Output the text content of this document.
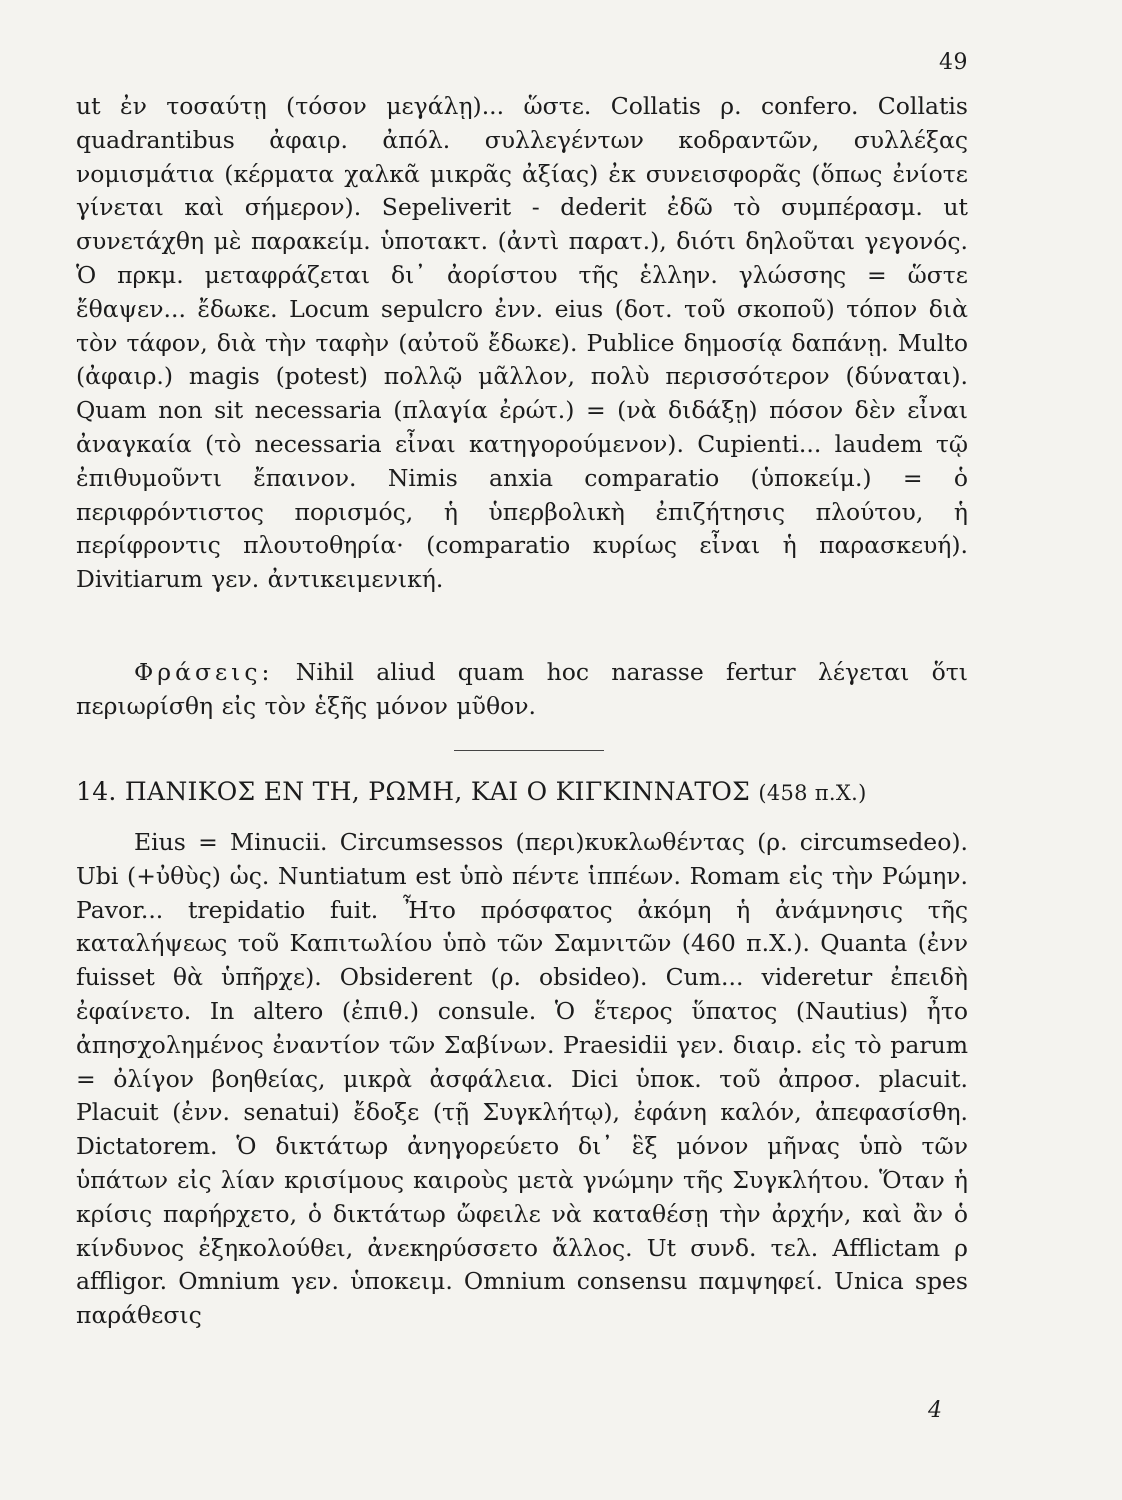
49

ut ἐν τοσαύτῃ (τόσον μεγάλῃ)... ὥστε. Collatis ρ. confero. Collatis quadrantibus ἀφαιρ. ἀπόλ. συλλεγέντων κοδραντῶν, συλλέξας νομισμάτια (κέρματα χαλκᾶ μικρᾶς ἀξίας) ἐκ συνεισφορᾶς (ὅπως ἐνίοτε γίνεται καὶ σήμερον). Sepeliverit - dederit ἐδῶ τὸ συμπέρασμ. ut συνετάχθη μὲ παρακείμ. ὑποτακτ. (ἀντὶ παρατ.), διότι δηλοῦται γεγονός. Ὁ πρκμ. μεταφράζεται δι᾿ ἀορίστου τῆς ἑλλην. γλώσσης = ὥστε ἔθαψεν... ἔδωκε. Locum sepulcro ἐνν. eius (δοτ. τοῦ σκοποῦ) τόπον διὰ τὸν τάφον, διὰ τὴν ταφὴν (αὐτοῦ ἔδωκε). Publice δημοσίᾳ δαπάνῃ. Multo (ἀφαιρ.) magis (potest) πολλῷ μᾶλλον, πολὺ περισσότερον (δύναται). Quam non sit necessaria (πλαγία ἐρώτ.) = (νὰ διδάξῃ) πόσον δὲν εἶναι ἀναγκαία (τὸ necessaria εἶναι κατηγορούμενον). Cupienti... laudem τῷ ἐπιθυμοῦντι ἔπαινον. Nimis anxia comparatio (ὑποκείμ.) = ὁ περιφρόντιστος πορισμός, ἡ ὑπερβολικὴ ἐπιζήτησις πλούτου, ἡ περίφροντις πλουτοθηρία· (comparatio κυρίως εἶναι ἡ παρασκευή). Divitiarum γεν. ἀντικειμενική.

Φράσεις: Nihil aliud quam hoc narasse fertur λέγεται ὅτι περιωρίσθη εἰς τὸν ἑξῆς μόνον μῦθον.

14. ΠΑΝΙΚΟΣ ΕΝ ΤΗ, ΡΩΜΗ, ΚΑΙ Ο ΚΙΓΚΙΝΝΑΤΟΣ (458 π.Χ.)

Eius = Minucii. Circumsessos (περι)κυκλωθέντας (ρ. circumsedeo). Ubi (+ὐθὺς) ὡς. Nuntiatum est ὑπὸ πέντε ἱππέων. Romam εἰς τὴν Ρώμην. Pavor... trepidatio fuit. Ἦτο πρόσφατος ἀκόμη ἡ ἀνάμνησις τῆς καταλήψεως τοῦ Καπιτωλίου ὑπὸ τῶν Σαμνιτῶν (460 π.Χ.). Quanta (ἐνν fuisset θὰ ὑπῆρχε). Obsiderent (ρ. obsideo). Cum... videretur ἐπειδὴ ἐφαίνετο. In altero (ἐπιθ.) consule. Ὁ ἕτερος ὕπατος (Nautius) ἦτο ἀπησχολημένος ἐναντίον τῶν Σαβίνων. Praesidii γεν. διαιρ. εἰς τὸ parum = ὀλίγον βοηθείας, μικρὰ ἀσφάλεια. Dici ὑποκ. τοῦ ἀπροσ. placuit. Placuit (ἐνν. senatui) ἔδοξε (τῇ Συγκλήτῳ), ἐφάνη καλόν, ἀπεφασίσθη. Dictatorem. Ὁ δικτάτωρ ἀνηγορεύετο δι᾿ ἓξ μόνον μῆνας ὑπὸ τῶν ὑπάτων εἰς λίαν κρισίμους καιροὺς μετὰ γνώμην τῆς Συγκλήτου. Ὅταν ἡ κρίσις παρήρχετο, ὁ δικτάτωρ ὤφειλε νὰ καταθέσῃ τὴν ἀρχήν, καὶ ἂν ὁ κίνδυνος ἐξηκολούθει, ἀνεκηρύσσετο ἄλλος. Ut συνδ. τελ. Afflictam ρ affligor. Omnium γεν. ὑποκειμ. Omnium consensu παμψηφεί. Unica spes παράθεσις

4
